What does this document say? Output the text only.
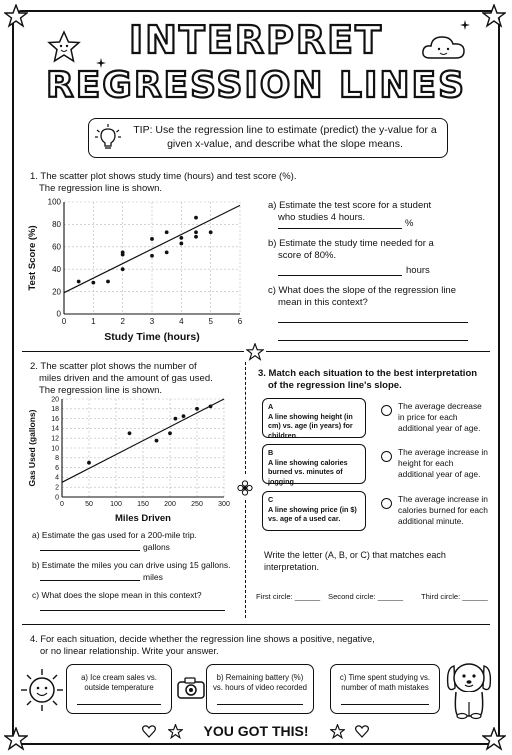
INTERPRET
REGRESSION LINES
TIP: Use the regression line to estimate (predict) the y-value for a given x-value, and describe what the slope means.
1. The scatter plot shows study time (hours) and test score (%).
The regression line is shown.
0	1	2	3	4	5	6
0
20
40
60
80
100
Study Time (hours)
Test Score (%)
a) Estimate the test score for a student
who studies 4 hours.
%
b) Estimate the study time needed for a
score of 80%.
hours
c) What does the slope of the regression line
mean in this context?
2. The scatter plot shows the number of
miles driven and the amount of gas used.
The regression line is shown.
0	50 100 150 200 250 300
0
2
4
6
8
10
12
14
16
18
20
Miles Driven
Gas Used (gallons)
a) Estimate the gas used for a 200-mile trip.
gallons
b) Estimate the miles you can drive using 15 gallons.
miles
c) What does the slope mean in this context?
3. Match each situation to the best interpretation
of the regression line's slope.
A
A line showing height (in cm) vs. age (in years) for children.
B
A line showing calories burned vs. minutes of jogging.
C
A line showing price (in $) vs. age of a used car.
The average decrease in price for each additional year of age.
The average increase in height for each additional year of age.
The average increase in calories burned for each additional minute.
Write the letter (A, B, or C) that matches each
interpretation.
First circle: ______ Second circle: ______ Third circle: ______
4. For each situation, decide whether the regression line shows a positive, negative,
or no linear relationship. Write your answer.
a) Ice cream sales vs.
outside temperature
b) Remaining battery (%)
vs. hours of video recorded
c) Time spent studying vs.
number of math mistakes
YOU GOT THIS!
